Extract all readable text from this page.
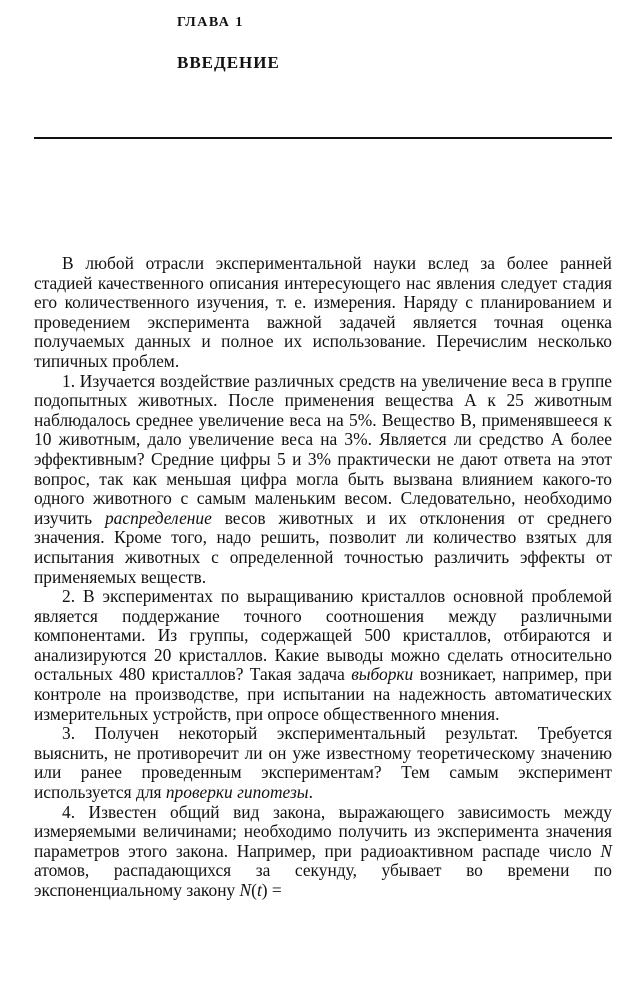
ГЛАВА 1
ВВЕДЕНИЕ

В любой отрасли экспериментальной науки вслед за более ранней стадией качественного описания интересующего нас явления следует стадия его количественного изучения, т. е. измерения. Наряду с планированием и проведением эксперимента важной задачей является точная оценка получаемых данных и полное их использование. Перечислим несколько типичных проблем.

1. Изучается воздействие различных средств на увеличение веса в группе подопытных животных. После применения вещества А к 25 животным наблюдалось среднее увеличение веса на 5%. Вещество В, применявшееся к 10 животным, дало увеличение веса на 3%. Является ли средство А более эффективным? Средние цифры 5 и 3% практически не дают ответа на этот вопрос, так как меньшая цифра могла быть вызвана влиянием какого-то одного животного с самым маленьким весом. Следовательно, необходимо изучить распределение весов животных и их отклонения от среднего значения. Кроме того, надо решить, позволит ли количество взятых для испытания животных с определенной точностью различить эффекты от применяемых веществ.

2. В экспериментах по выращиванию кристаллов основной проблемой является поддержание точного соотношения между различными компонентами. Из группы, содержащей 500 кристаллов, отбираются и анализируются 20 кристаллов. Какие выводы можно сделать относительно остальных 480 кристаллов? Такая задача выборки возникает, например, при контроле на производстве, при испытании на надежность автоматических измерительных устройств, при опросе общественного мнения.

3. Получен некоторый экспериментальный результат. Требуется выяснить, не противоречит ли он уже известному теоретическому значению или ранее проведенным экспериментам? Тем самым эксперимент используется для проверки гипотезы.

4. Известен общий вид закона, выражающего зависимость между измеряемыми величинами; необходимо получить из эксперимента значения параметров этого закона. Например, при радиоактивном распаде число N атомов, распадающихся за секунду, убывает во времени по экспоненциальному закону N(t) =
